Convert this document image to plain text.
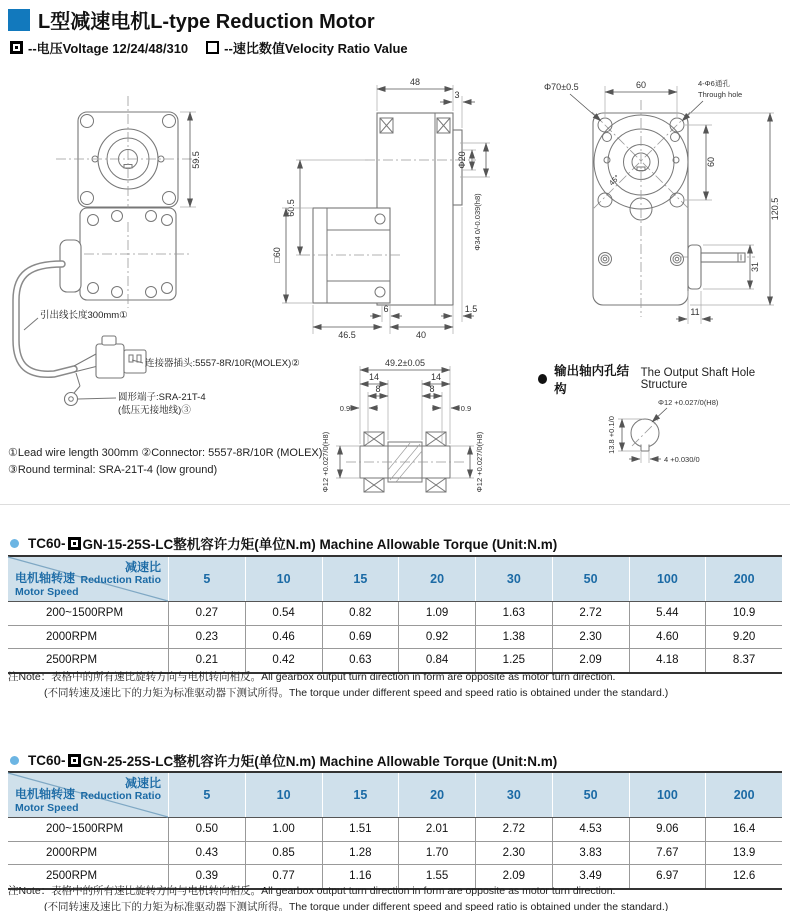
L型减速电机L-type Reduction Motor
--电压Voltage 12/24/48/310	--速比数值Velocity Ratio Value
59.5
引出线长度300mm①
连接器插头:5557-8R/10R(MOLEX)②
圆形端子:SRA-21T-4
(低压无接地线)③
48
3
Φ20
Φ34 0/-0.039(h8)
60.5
□60
6
46.5	40
1.5
45°
60
Φ70±0.5	4-Φ6通孔
Through hole
60
120.5
31
11
49.2±0.05
14	14
8	8
0.9	0.9
Φ12 +0.027/0(H8)	Φ12 +0.027/0(H8)
输出轴内孔结构
The Output Shaft Hole Structure
Φ12 +0.027/0(H8)
13.8 +0.1/0
4 +0.030/0
①Lead wire length 300mm ②Connector: 5557-8R/10R (MOLEX)
③Round terminal: SRA-21T-4 (low ground)
TC60- GN-15-25S-LC整机容许力矩(单位N.m) Machine Allowable Torque (Unit:N.m)
减速比
Reduction Ratio
电机轴转速
Motor Speed
5	10	15	20	30	50	100	200
200~1500RPM	0.27	0.54	0.82	1.09	1.63	2.72	5.44	10.9
2000RPM	0.23	0.46	0.69	0.92	1.38	2.30	4.60	9.20
2500RPM	0.21	0.42	0.63	0.84	1.25	2.09	4.18	8.37
注Note：表格中的所有速比旋转方向与电机转向相反。All gearbox output turn direction in form are opposite as motor turn direction.
(不同转速及速比下的力矩为标准驱动器下测试所得。The torque under different speed and speed ratio is obtained under the standard.)
TC60- GN-25-25S-LC整机容许力矩(单位N.m) Machine Allowable Torque (Unit:N.m)
减速比
Reduction Ratio
电机轴转速
Motor Speed
5	10	15	20	30	50	100	200
200~1500RPM	0.50	1.00	1.51	2.01	2.72	4.53	9.06	16.4
2000RPM	0.43	0.85	1.28	1.70	2.30	3.83	7.67	13.9
2500RPM	0.39	0.77	1.16	1.55	2.09	3.49	6.97	12.6
注Note：表格中的所有速比旋转方向与电机转向相反。All gearbox output turn direction in form are opposite as motor turn direction.
(不同转速及速比下的力矩为标准驱动器下测试所得。The torque under different speed and speed ratio is obtained under the standard.)
